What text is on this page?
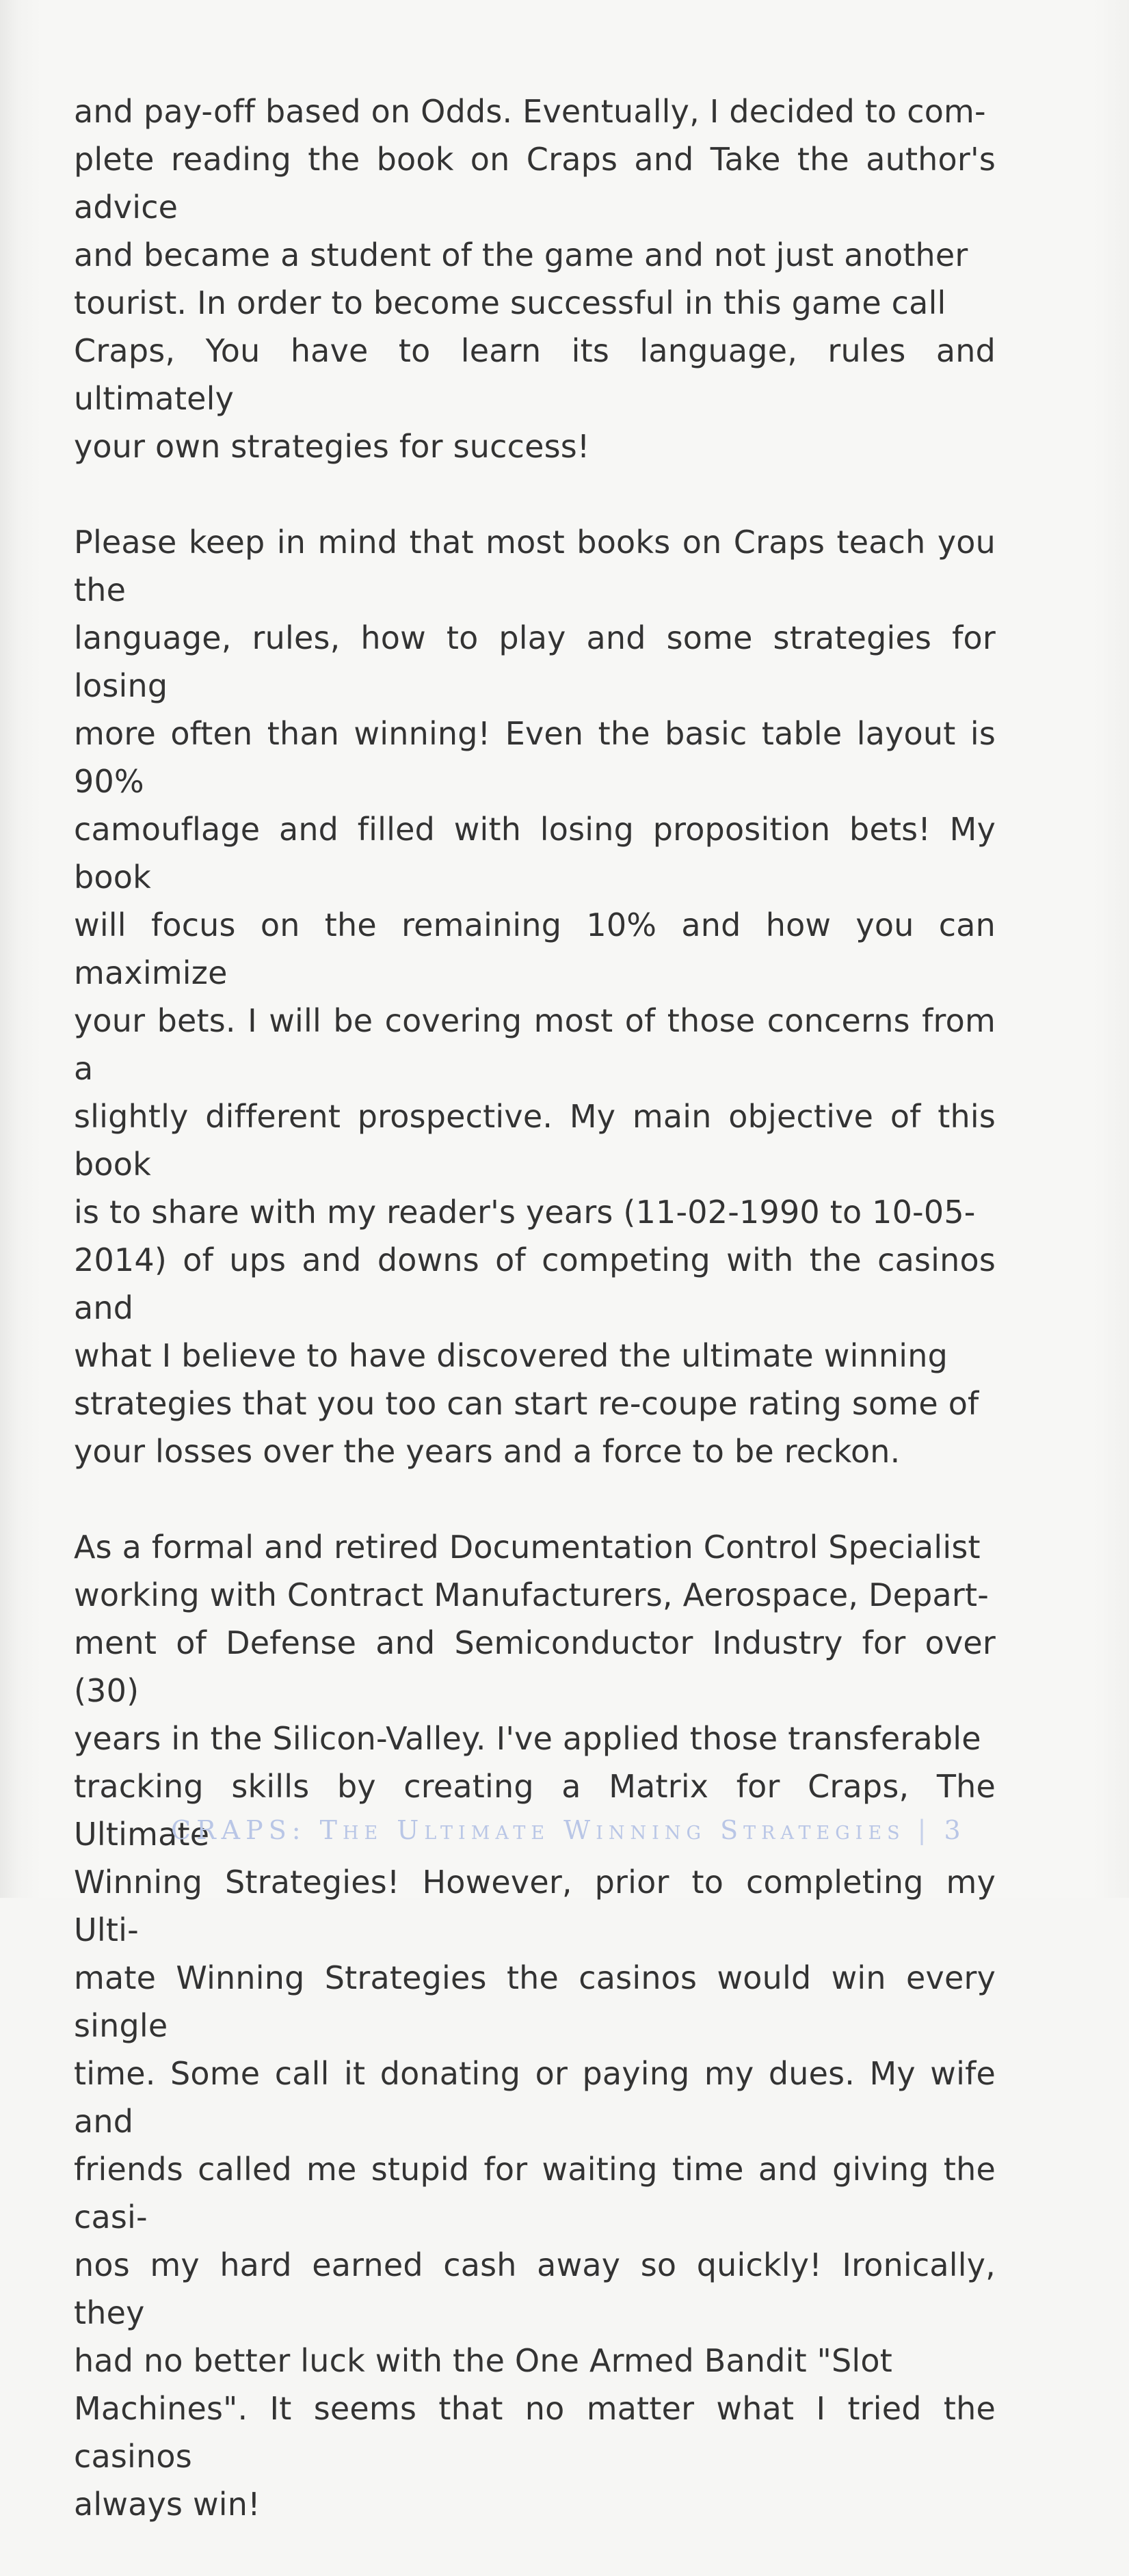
and pay-off based on Odds. Eventually, I decided to com-
plete reading the book on Craps and Take the author's advice
and became a student of the game and not just another
tourist. In order to become successful in this game call
Craps, You have to learn its language, rules and ultimately
your own strategies for success!

Please keep in mind that most books on Craps teach you the
language, rules, how to play and some strategies for losing
more often than winning! Even the basic table layout is 90%
camouflage and filled with losing proposition bets! My book
will focus on the remaining 10% and how you can maximize
your bets. I will be covering most of those concerns from a
slightly different prospective. My main objective of this book
is to share with my reader's years (11-02-1990 to 10-05-
2014) of ups and downs of competing with the casinos and
what I believe to have discovered the ultimate winning
strategies that you too can start re-coupe rating some of
your losses over the years and a force to be reckon.

As a formal and retired Documentation Control Specialist
working with Contract Manufacturers, Aerospace, Depart-
ment of Defense and Semiconductor Industry for over (30)
years in the Silicon-Valley. I've applied those transferable
tracking skills by creating a Matrix for Craps, The Ultimate
Winning Strategies! However, prior to completing my Ulti-
mate Winning Strategies the casinos would win every single
time. Some call it donating or paying my dues. My wife and
friends called me stupid for waiting time and giving the casi-
nos my hard earned cash away so quickly! Ironically, they
had no better luck with the One Armed Bandit "Slot
Machines". It seems that no matter what I tried the casinos
always win!

CRAPS: The Ultimate Winning Strategies | 3
